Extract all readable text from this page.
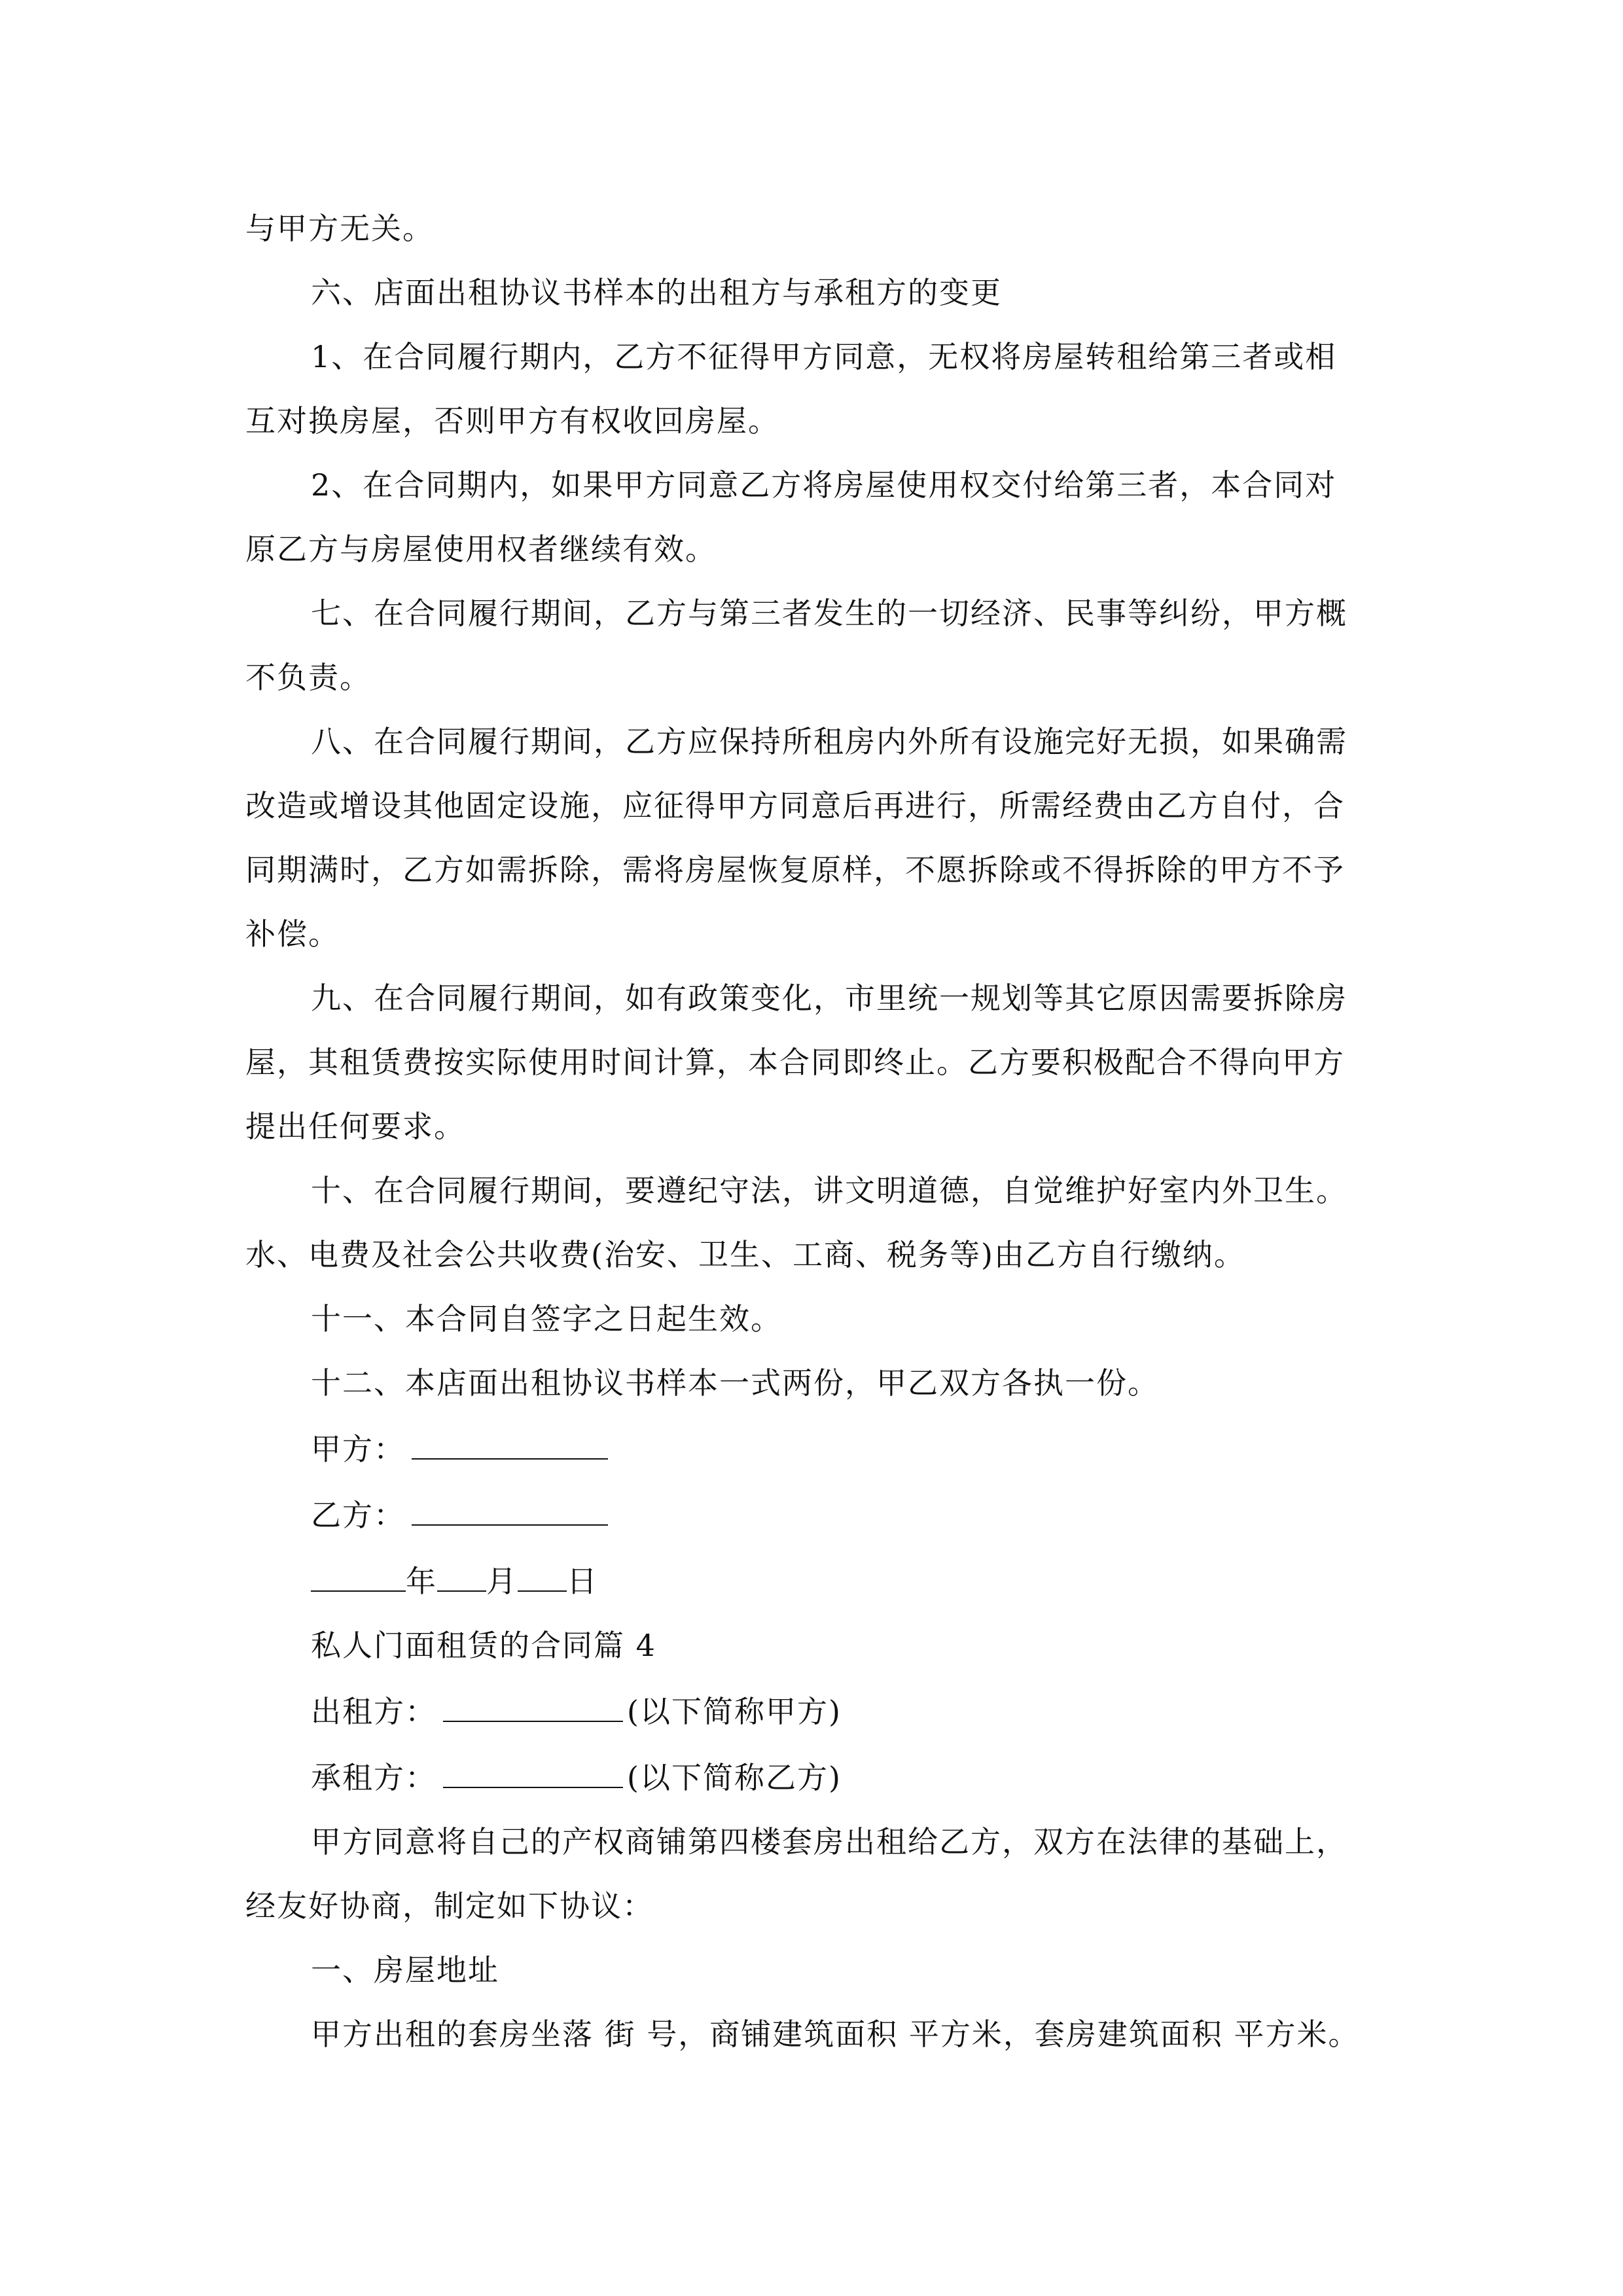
与甲方无关。

六、店面出租协议书样本的出租方与承租方的变更

1、在合同履行期内，乙方不征得甲方同意，无权将房屋转租给第三者或相

互对换房屋，否则甲方有权收回房屋。

2、在合同期内，如果甲方同意乙方将房屋使用权交付给第三者，本合同对

原乙方与房屋使用权者继续有效。

七、在合同履行期间，乙方与第三者发生的一切经济、民事等纠纷，甲方概

不负责。

八、在合同履行期间，乙方应保持所租房内外所有设施完好无损，如果确需

改造或增设其他固定设施，应征得甲方同意后再进行，所需经费由乙方自付，合

同期满时，乙方如需拆除，需将房屋恢复原样，不愿拆除或不得拆除的甲方不予

补偿。

九、在合同履行期间，如有政策变化，市里统一规划等其它原因需要拆除房

屋，其租赁费按实际使用时间计算，本合同即终止。乙方要积极配合不得向甲方

提出任何要求。

十、在合同履行期间，要遵纪守法，讲文明道德，自觉维护好室内外卫生。

水、电费及社会公共收费(治安、卫生、工商、税务等)由乙方自行缴纳。

十一、本合同自签字之日起生效。

十二、本店面出租协议书样本一式两份，甲乙双方各执一份。

甲方：

乙方：

年 月 日

私人门面租赁的合同篇 4

出租方：	(以下简称甲方)

承租方：	(以下简称乙方)

甲方同意将自己的产权商铺第四楼套房出租给乙方，双方在法律的基础上，

经友好协商，制定如下协议：

一、房屋地址

甲方出租的套房坐落 街 号，商铺建筑面积 平方米，套房建筑面积 平方米。
